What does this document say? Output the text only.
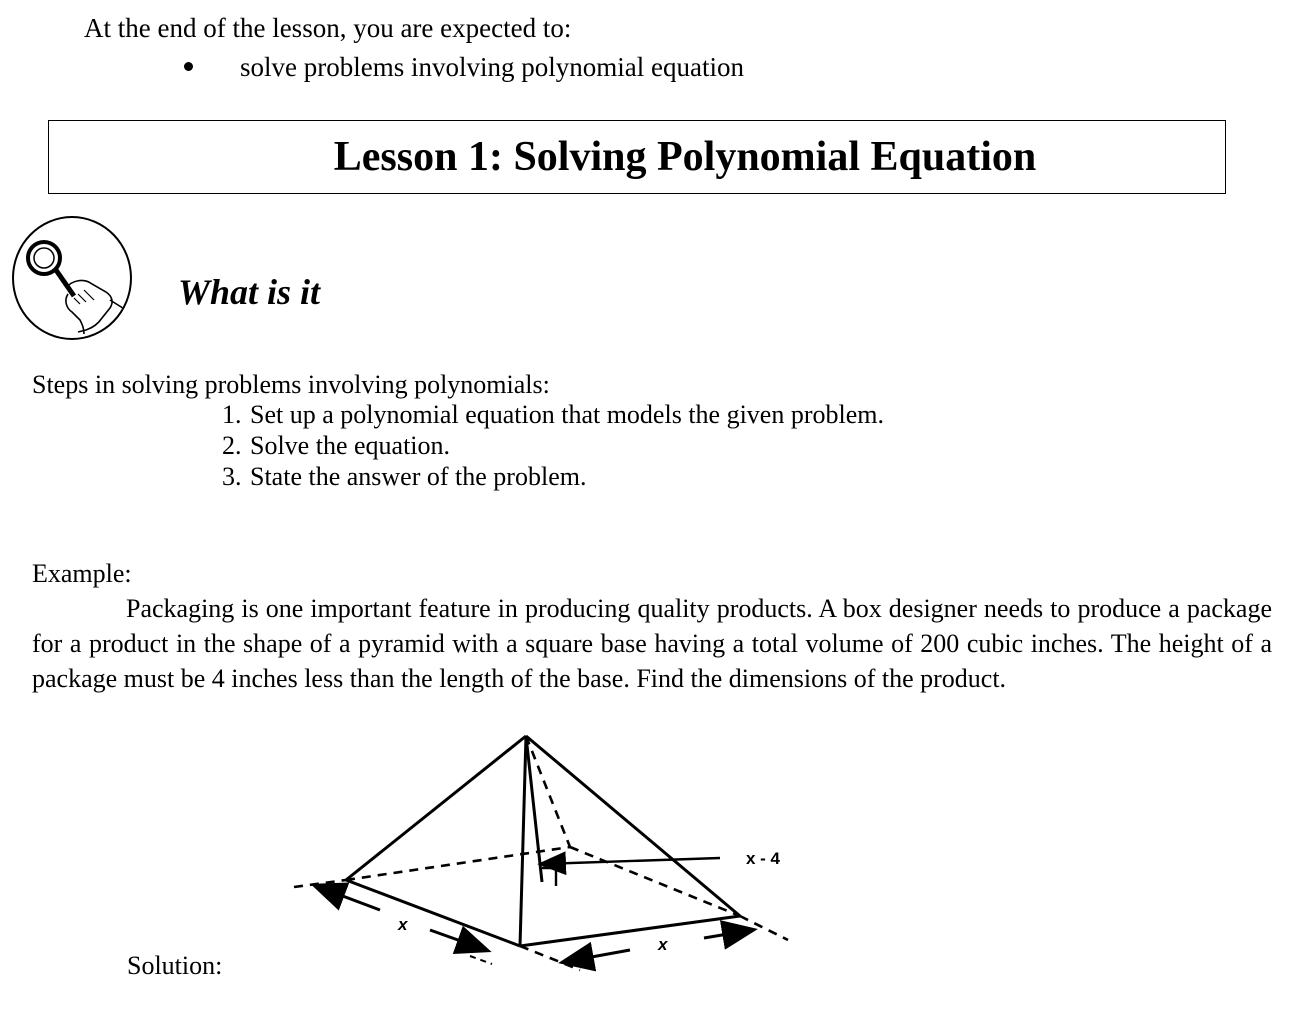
At the end of the lesson, you are expected to:
solve problems involving polynomial equation
Lesson 1: Solving Polynomial Equation
What is it
Steps in solving problems involving polynomials:
1. Set up a polynomial equation that models the given problem.
2. Solve the equation.
3. State the answer of the problem.
Example:

Packaging is one important feature in producing quality products. A box designer needs to produce a package for a product in the shape of a pyramid with a square base having a total volume of 200 cubic inches. The height of a package must be 4 inches less than the length of the base. Find the dimensions of the product.

x - 4
x
x
Solution:
